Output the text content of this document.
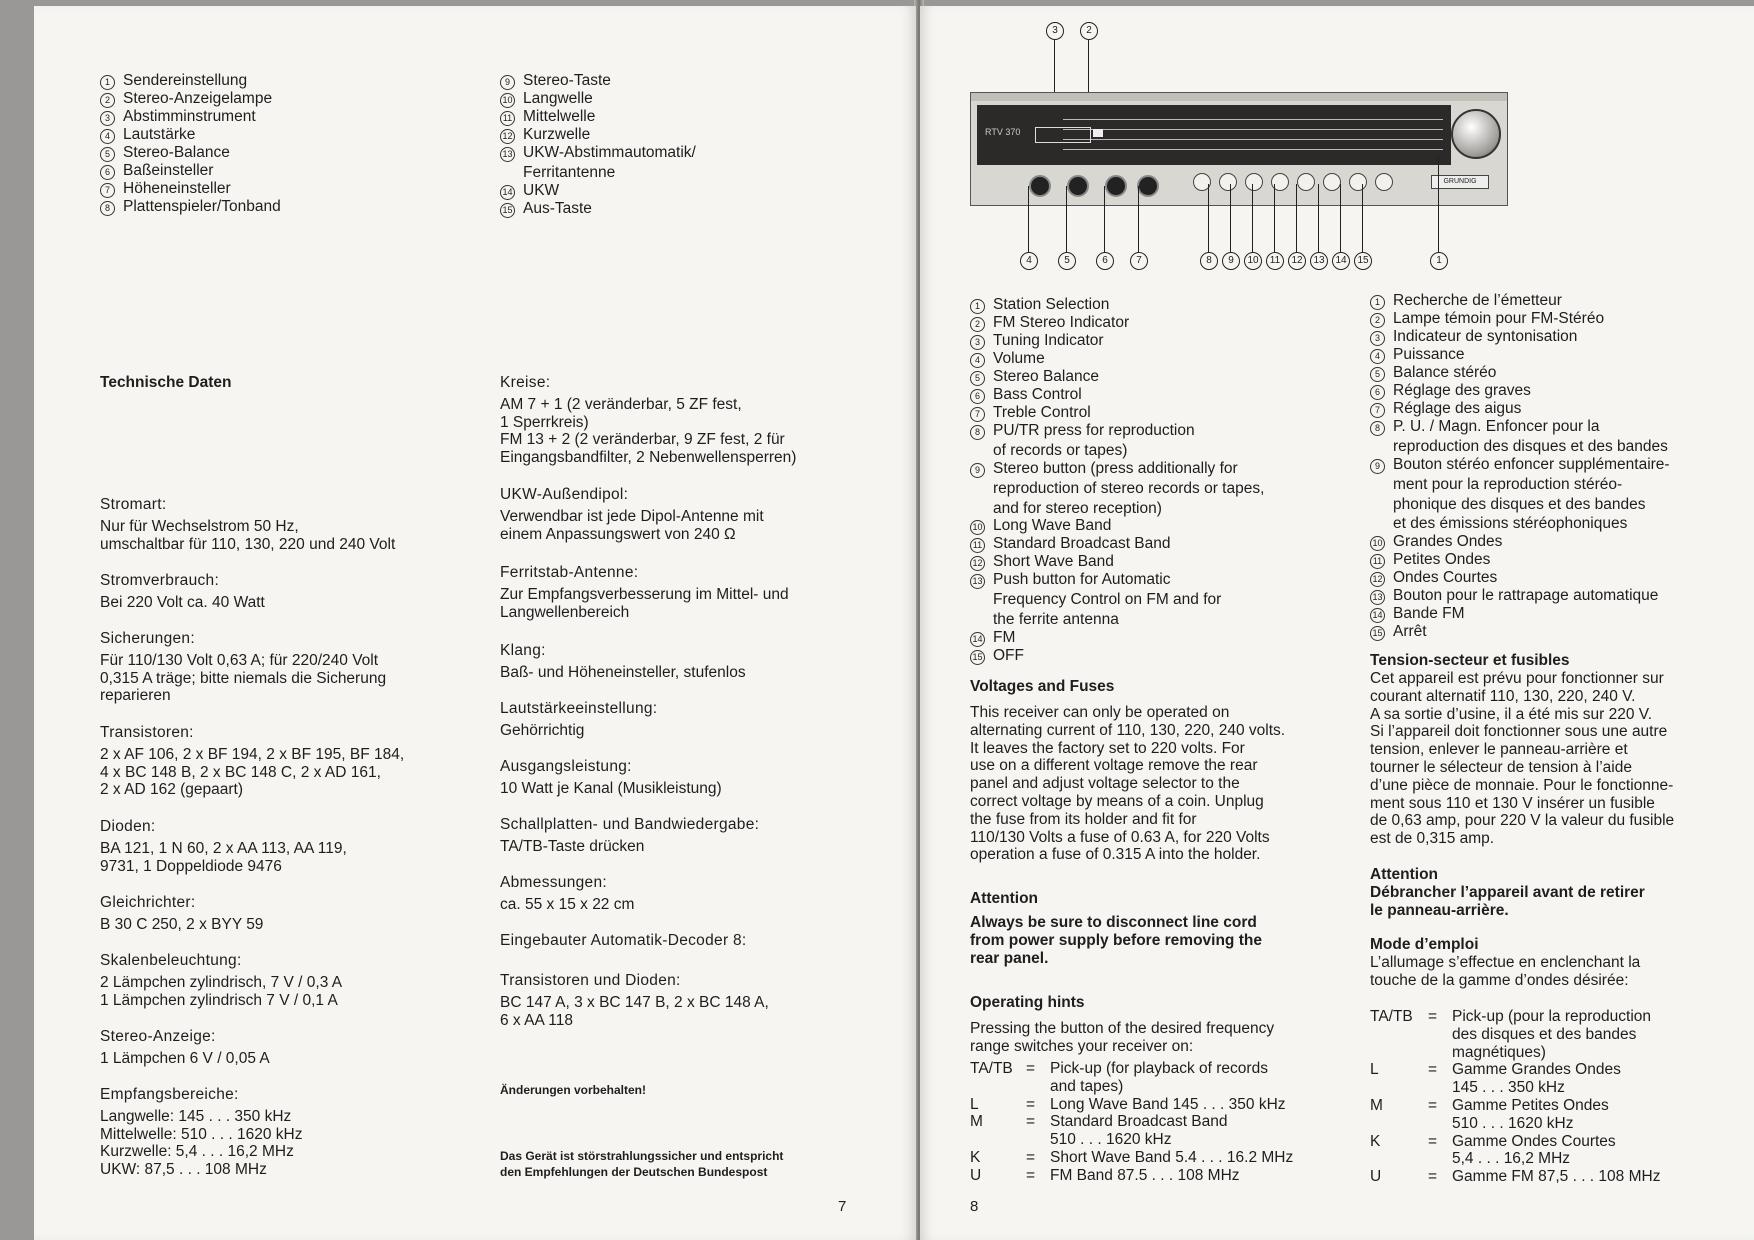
1 Sendereinstellung
2 Stereo-Anzeigelampe
3 Abstimminstrument
4 Lautstärke
5 Stereo-Balance
6 Baßeinsteller
7 Höheneinsteller
8 Plattenspieler/Tonband
9 Stereo-Taste
10 Langwelle
11 Mittelwelle
12 Kurzwelle
13 UKW-Abstimmautomatik/
Ferritantenne
14 UKW
15 Aus-Taste
Technische Daten
Stromart:
Nur für Wechselstrom 50 Hz,
umschaltbar für 110, 130, 220 und 240 Volt
Stromverbrauch:
Bei 220 Volt ca. 40 Watt
Sicherungen:
Für 110/130 Volt 0,63 A; für 220/240 Volt
0,315 A träge; bitte niemals die Sicherung
reparieren
Transistoren:
2 x AF 106, 2 x BF 194, 2 x BF 195, BF 184,
4 x BC 148 B, 2 x BC 148 C, 2 x AD 161,
2 x AD 162 (gepaart)
Dioden:
BA 121, 1 N 60, 2 x AA 113, AA 119,
9731, 1 Doppeldiode 9476
Gleichrichter:
B 30 C 250, 2 x BYY 59
Skalenbeleuchtung:
2 Lämpchen zylindrisch, 7 V / 0,3 A
1 Lämpchen zylindrisch 7 V / 0,1 A
Stereo-Anzeige:
1 Lämpchen 6 V / 0,05 A
Empfangsbereiche:
Langwelle: 145 . . . 350 kHz
Mittelwelle: 510 . . . 1620 kHz
Kurzwelle: 5,4 . . . 16,2 MHz
UKW: 87,5 . . . 108 MHz
Kreise:
AM 7 + 1 (2 veränderbar, 5 ZF fest,
1 Sperrkreis)
FM 13 + 2 (2 veränderbar, 9 ZF fest, 2 für
Eingangsbandfilter, 2 Nebenwellensperren)
UKW-Außendipol:
Verwendbar ist jede Dipol-Antenne mit
einem Anpassungswert von 240 Ω
Ferritstab-Antenne:
Zur Empfangsverbesserung im Mittel- und
Langwellenbereich
Klang:
Baß- und Höheneinsteller, stufenlos
Lautstärkeeinstellung:
Gehörrichtig
Ausgangsleistung:
10 Watt je Kanal (Musikleistung)
Schallplatten- und Bandwiedergabe:
TA/TB-Taste drücken
Abmessungen:
ca. 55 x 15 x 22 cm
Eingebauter Automatik-Decoder 8:
Transistoren und Dioden:
BC 147 A, 3 x BC 147 B, 2 x BC 148 A,
6 x AA 118
Änderungen vorbehalten!
Das Gerät ist störstrahlungssicher und entspricht
den Empfehlungen der Deutschen Bundespost
7
3	2
RTV 370
GRUNDIG
4	5	6	7	8	9	10	11	12	13	14	15	1
1 Station Selection
2 FM Stereo Indicator
3 Tuning Indicator
4 Volume
5 Stereo Balance
6 Bass Control
7 Treble Control
8 PU/TR press for reproduction
of records or tapes)
9 Stereo button (press additionally for
reproduction of stereo records or tapes,
and for stereo reception)
10 Long Wave Band
11 Standard Broadcast Band
12 Short Wave Band
13 Push button for Automatic
Frequency Control on FM and for
the ferrite antenna
14 FM
15 OFF
1 Recherche de l’émetteur
2 Lampe témoin pour FM-Stéréo
3 Indicateur de syntonisation
4 Puissance
5 Balance stéréo
6 Réglage des graves
7 Réglage des aigus
8 P. U. / Magn. Enfoncer pour la
reproduction des disques et des bandes
9 Bouton stéréo enfoncer supplémentaire-
ment pour la reproduction stéréo-
phonique des disques et des bandes
et des émissions stéréophoniques
10 Grandes Ondes
11 Petites Ondes
12 Ondes Courtes
13 Bouton pour le rattrapage automatique
14 Bande FM
15 Arrêt
Voltages and Fuses
This receiver can only be operated on
alternating current of 110, 130, 220, 240 volts.
It leaves the factory set to 220 volts. For
use on a different voltage remove the rear
panel and adjust voltage selector to the
correct voltage by means of a coin. Unplug
the fuse from its holder and fit for
110/130 Volts a fuse of 0.63 A, for 220 Volts
operation a fuse of 0.315 A into the holder.
Attention
Always be sure to disconnect line cord
from power supply before removing the
rear panel.
Operating hints
Pressing the button of the desired frequency
range switches your receiver on:
TA/TB = Pick-up (for playback of records
and tapes)
L	= Long Wave Band 145 . . . 350 kHz
M	= Standard Broadcast Band
510 . . . 1620 kHz
K	= Short Wave Band 5.4 . . . 16.2 MHz
U	= FM Band 87.5 . . . 108 MHz
Tension-secteur et fusibles
Cet appareil est prévu pour fonctionner sur
courant alternatif 110, 130, 220, 240 V.
A sa sortie d’usine, il a été mis sur 220 V.
Si l’appareil doit fonctionner sous une autre
tension, enlever le panneau-arrière et
tourner le sélecteur de tension à l’aide
d’une pièce de monnaie. Pour le fonctionne-
ment sous 110 et 130 V insérer un fusible
de 0,63 amp, pour 220 V la valeur du fusible
est de 0,315 amp.
Attention
Débrancher l’appareil avant de retirer
le panneau-arrière.
Mode d’emploi
L’allumage s’effectue en enclenchant la
touche de la gamme d’ondes désirée:
TA/TB = Pick-up (pour la reproduction
des disques et des bandes
magnétiques)
L	= Gamme Grandes Ondes
145 . . . 350 kHz
M	= Gamme Petites Ondes
510 . . . 1620 kHz
K	= Gamme Ondes Courtes
5,4 . . . 16,2 MHz
U	= Gamme FM 87,5 . . . 108 MHz
8
